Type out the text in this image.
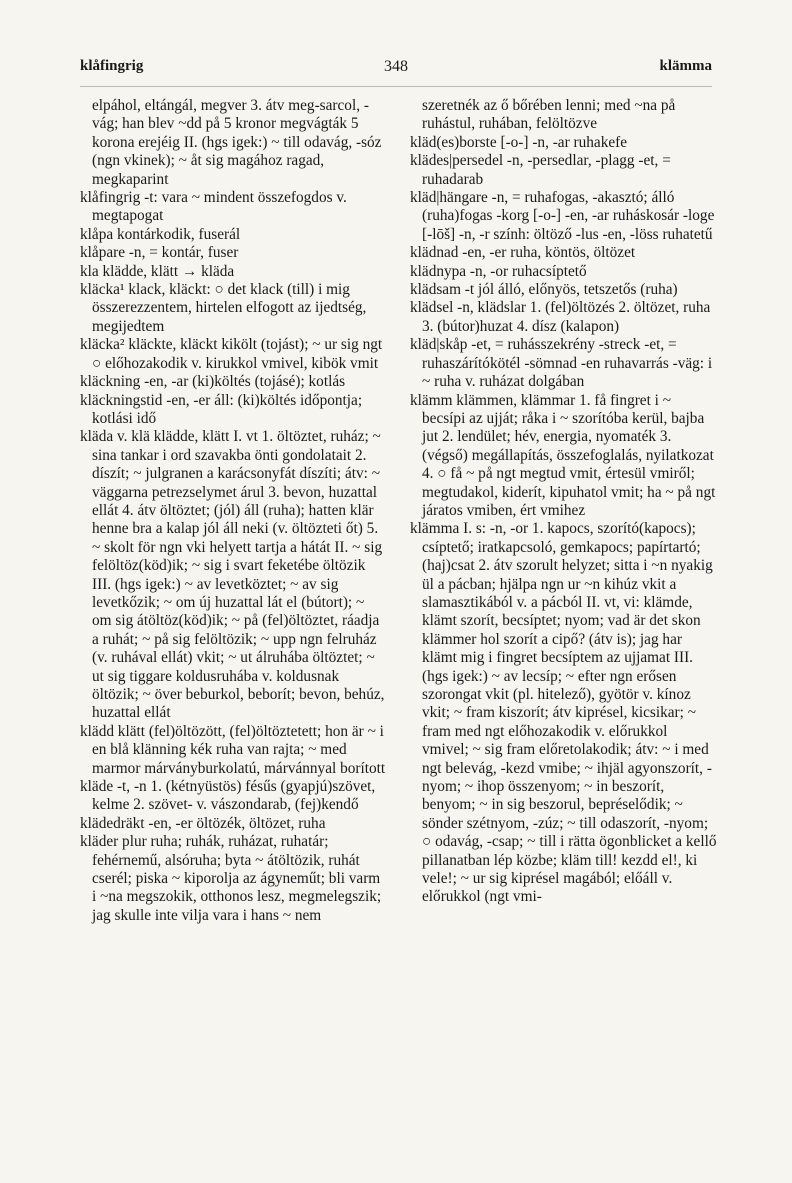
348
klåfingrig	klämma

elpáhol, eltángál, megver 3. átv meg-sarcol, -vág; han blev ~dd på 5 kronor megvágták 5 korona erejéig II. (hgs igek:) ~ till odavág, -sóz (ngn vkinek); ~ åt sig magához ragad, megkaparint

klåfingrig -t: vara ~ mindent összefogdos v. megtapogat

klåpa kontárkodik, fuserál

klåpare -n, = kontár, fuser

kla klädde, klätt → kläda

kläcka¹ klack, kläckt: ○ det klack (till) i mig összerezzentem, hirtelen elfogott az ijedtség, megijedtem

kläcka² kläckte, kläckt kikölt (tojást); ~ ur sig ngt ○ előhozakodik v. kirukkol vmivel, kibök vmit

kläckning -en, -ar (ki)költés (tojásé); kotlás

kläckningstid -en, -er áll: (ki)költés időpontja; kotlási idő

kläda v. klä klädde, klätt I. vt 1. öltöztet, ruház; ~ sina tankar i ord szavakba önti gondolatait 2. díszít; ~ julgranen a karácsonyfát díszíti; átv: ~ väggarna petrezselymet árul 3. bevon, huzattal ellát 4. átv öltöztet; (jól) áll (ruha); hatten klär henne bra a kalap jól áll neki (v. öltözteti őt) 5. ~ skolt för ngn vki helyett tartja a hátát II. ~ sig felöltöz(köd)ik; ~ sig i svart feketébe öltözik III. (hgs igek:) ~ av levetköztet; ~ av sig levetkőzik; ~ om új huzattal lát el (bútort); ~ om sig átöltöz(köd)ik; ~ på (fel)öltöztet, ráadja a ruhát; ~ på sig felöltözik; ~ upp ngn felruház (v. ruhával ellát) vkit; ~ ut álruhába öltöztet; ~ ut sig tiggare koldusruhába v. koldusnak öltözik; ~ över beburkol, beborít; bevon, behúz, huzattal ellát

klädd klätt (fel)öltözött, (fel)öltöztetett; hon är ~ i en blå klänning kék ruha van rajta; ~ med marmor márványburkolatú, márvánnyal borított

kläde -t, -n 1. (kétnyüstös) fésűs (gyapjú)szövet, kelme 2. szövet- v. vászondarab, (fej)kendő

klädedräkt -en, -er öltözék, öltözet, ruha

kläder plur ruha; ruhák, ruházat, ruhatár; fehérnemű, alsóruha; byta ~ átöltözik, ruhát cserél; piska ~ kiporolja az ágyneműt; bli varm i ~na megszokik, otthonos lesz, megmelegszik; jag skulle inte vilja vara i hans ~ nem

szeretnék az ő bőrében lenni; med ~na på ruhástul, ruhában, felöltözve

kläd(es)borste [-o-] -n, -ar ruhakefe

klädes|persedel -n, -persedlar, -plagg -et, = ruhadarab

kläd|hängare -n, = ruhafogas, -akasztó; álló (ruha)fogas -korg [-o-] -en, -ar ruháskosár -loge [-lōš] -n, -r szính: öltöző -lus -en, -löss ruhatetű

klädnad -en, -er ruha, köntös, öltözet

klädnypa -n, -or ruhacsíptető

klädsam -t jól álló, előnyös, tetszetős (ruha)

klädsel -n, klädslar 1. (fel)öltözés 2. öltözet, ruha 3. (bútor)huzat 4. dísz (kalapon)

kläd|skåp -et, = ruhásszekrény -streck -et, = ruhaszárítókötél -sömnad -en ruhavarrás -väg: i ~ ruha v. ruházat dolgában

klämm klämmen, klämmar 1. få fingret i ~ becsípi az ujját; råka i ~ szorítóba kerül, bajba jut 2. lendület; hév, energia, nyomaték 3. (végső) megállapítás, összefoglalás, nyilatkozat 4. ○ få ~ på ngt megtud vmit, értesül vmiről; megtudakol, kiderít, kipuhatol vmit; ha ~ på ngt járatos vmiben, ért vmihez

klämma I. s: -n, -or 1. kapocs, szorító(kapocs); csíptető; iratkapcsoló, gemkapocs; papírtartó; (haj)csat 2. átv szorult helyzet; sitta i ~n nyakig ül a pácban; hjälpa ngn ur ~n kihúz vkit a slamasztikából v. a pácból II. vt, vi: klämde, klämt szorít, becsíptet; nyom; vad är det skon klämmer hol szorít a cipő? (átv is); jag har klämt mig i fingret becsíptem az ujjamat III. (hgs igek:) ~ av lecsíp; ~ efter ngn erősen szorongat vkit (pl. hitelező), gyötör v. kínoz vkit; ~ fram kiszorít; átv kiprésel, kicsikar; ~ fram med ngt előhozakodik v. előrukkol vmivel; ~ sig fram előretolakodik; átv: ~ i med ngt belevág, -kezd vmibe; ~ ihjäl agyonszorít, -nyom; ~ ihop összenyom; ~ in beszorít, benyom; ~ in sig beszorul, bepréselődik; ~ sönder szétnyom, -zúz; ~ till odaszorít, -nyom; ○ odavág, -csap; ~ till i rätta ögonblicket a kellő pillanatban lép közbe; kläm till! kezdd el!, ki vele!; ~ ur sig kiprésel magából; előáll v. előrukkol (ngt vmi-
